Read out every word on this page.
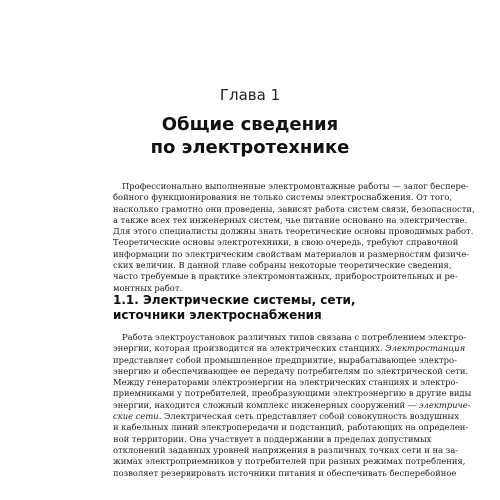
Глава 1
Общие сведения
по электротехнике
Профессионально выполненные электромонтажные работы — залог беспере-
бойного функционирования не только системы электроснабжения. От того,
насколько грамотно они проведены, зависят работа систем связи, безопасности,
а также всех тех инженерных систем, чье питание основано на электричестве.
Для этого специалисты должны знать теоретические основы проводимых работ.
Теоретические основы электротехники, в свою очередь, требуют справочной
информации по электрическим свойствам материалов и размерностям физиче-
ских величин. В данной главе собраны некоторые теоретические сведения,
часто требуемые в практике электромонтажных, приборостроительных и ре-
монтных работ.
1.1. Электрические системы, сети,
источники электроснабжения
Работа электроустановок различных типов связана с потреблением электро-
энергии, которая производится на электрических станциях. Электростанция
представляет собой промышленное предприятие, вырабатывающее электро-
энергию и обеспечивающее ее передачу потребителям по электрической сети.
Между генераторами электроэнергии на электрических станциях и электро-
приемниками у потребителей, преобразующими электроэнергию в другие виды
энергии, находится сложный комплекс инженерных сооружений — электриче-
ские сети. Электрическая сеть представляет собой совокупность воздушных
и кабельных линий электропередачи и подстанций, работающих на определен-
ной территории. Она участвует в поддержании в пределах допустимых
отклонений заданных уровней напряжения в различных точках сети и на за-
жимах электроприемников у потребителей при разных режимах потребления,
позволяет резервировать источники питания и обеспечивать бесперебойное
